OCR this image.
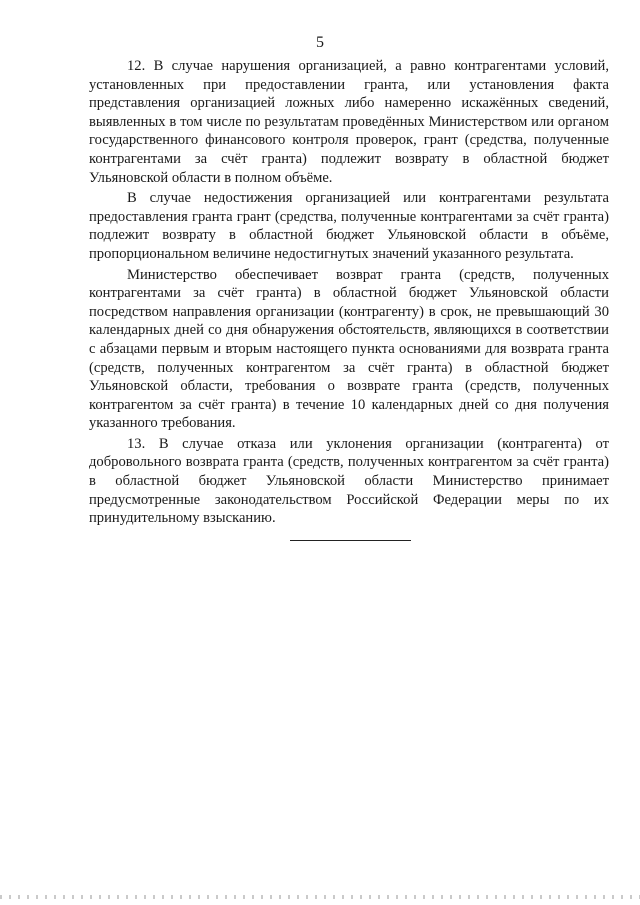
5

12. В случае нарушения организацией, а равно контрагентами условий, установленных при предоставлении гранта, или установления факта представления организацией ложных либо намеренно искажённых сведений, выявленных в том числе по результатам проведённых Министерством или органом государственного финансового контроля проверок, грант (средства, полученные контрагентами за счёт гранта) подлежит возврату в областной бюджет Ульяновской области в полном объёме.

В случае недостижения организацией или контрагентами результата предоставления гранта грант (средства, полученные контрагентами за счёт гранта) подлежит возврату в областной бюджет Ульяновской области в объёме, пропорциональном величине недостигнутых значений указанного результата.

Министерство обеспечивает возврат гранта (средств, полученных контрагентами за счёт гранта) в областной бюджет Ульяновской области посредством направления организации (контрагенту) в срок, не превышающий 30 календарных дней со дня обнаружения обстоятельств, являющихся в соответствии с абзацами первым и вторым настоящего пункта основаниями для возврата гранта (средств, полученных контрагентом за счёт гранта) в областной бюджет Ульяновской области, требования о возврате гранта (средств, полученных контрагентом за счёт гранта) в течение 10 календарных дней со дня получения указанного требования.

13. В случае отказа или уклонения организации (контрагента) от добровольного возврата гранта (средств, полученных контрагентом за счёт гранта) в областной бюджет Ульяновской области Министерство принимает предусмотренные законодательством Российской Федерации меры по их принудительному взысканию.
